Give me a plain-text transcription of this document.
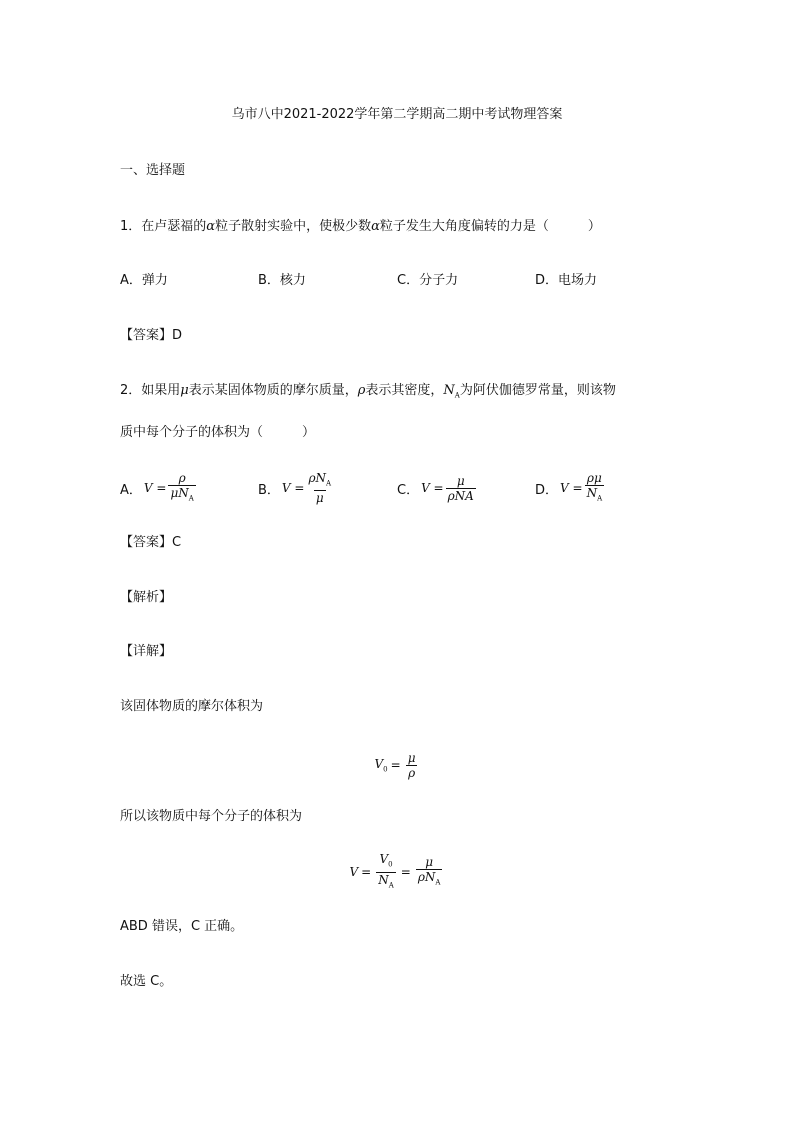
乌市八中2021-2022学年第二学期高二期中考试物理答案
一、选择题
1．在卢瑟福的α粒子散射实验中，使极少数α粒子发生大角度偏转的力是（　　　）
A．弹力	B．核力	C．分子力	D．电场力
【答案】D
2．如果用μ表示某固体物质的摩尔质量，ρ表示其密度，$N_A$为阿伏伽德罗常量，则该物
质中每个分子的体积为（　　　）
A． $V = \frac{\rho}{\mu N_A}$	B． $V = \frac{\rho N_A}{\mu}$	C． $V = \frac{\mu}{\text{ρNA}}$	D． $V = \frac{\rho\mu}{N_A}$
【答案】C
【解析】
【详解】
该固体物质的摩尔体积为
$V_0 = \frac{\mu}{\rho}$
所以该物质中每个分子的体积为
$V = \frac{V_0}{N_A} = \frac{\mu}{\rho N_A}$
ABD 错误，C 正确。
故选 C。
